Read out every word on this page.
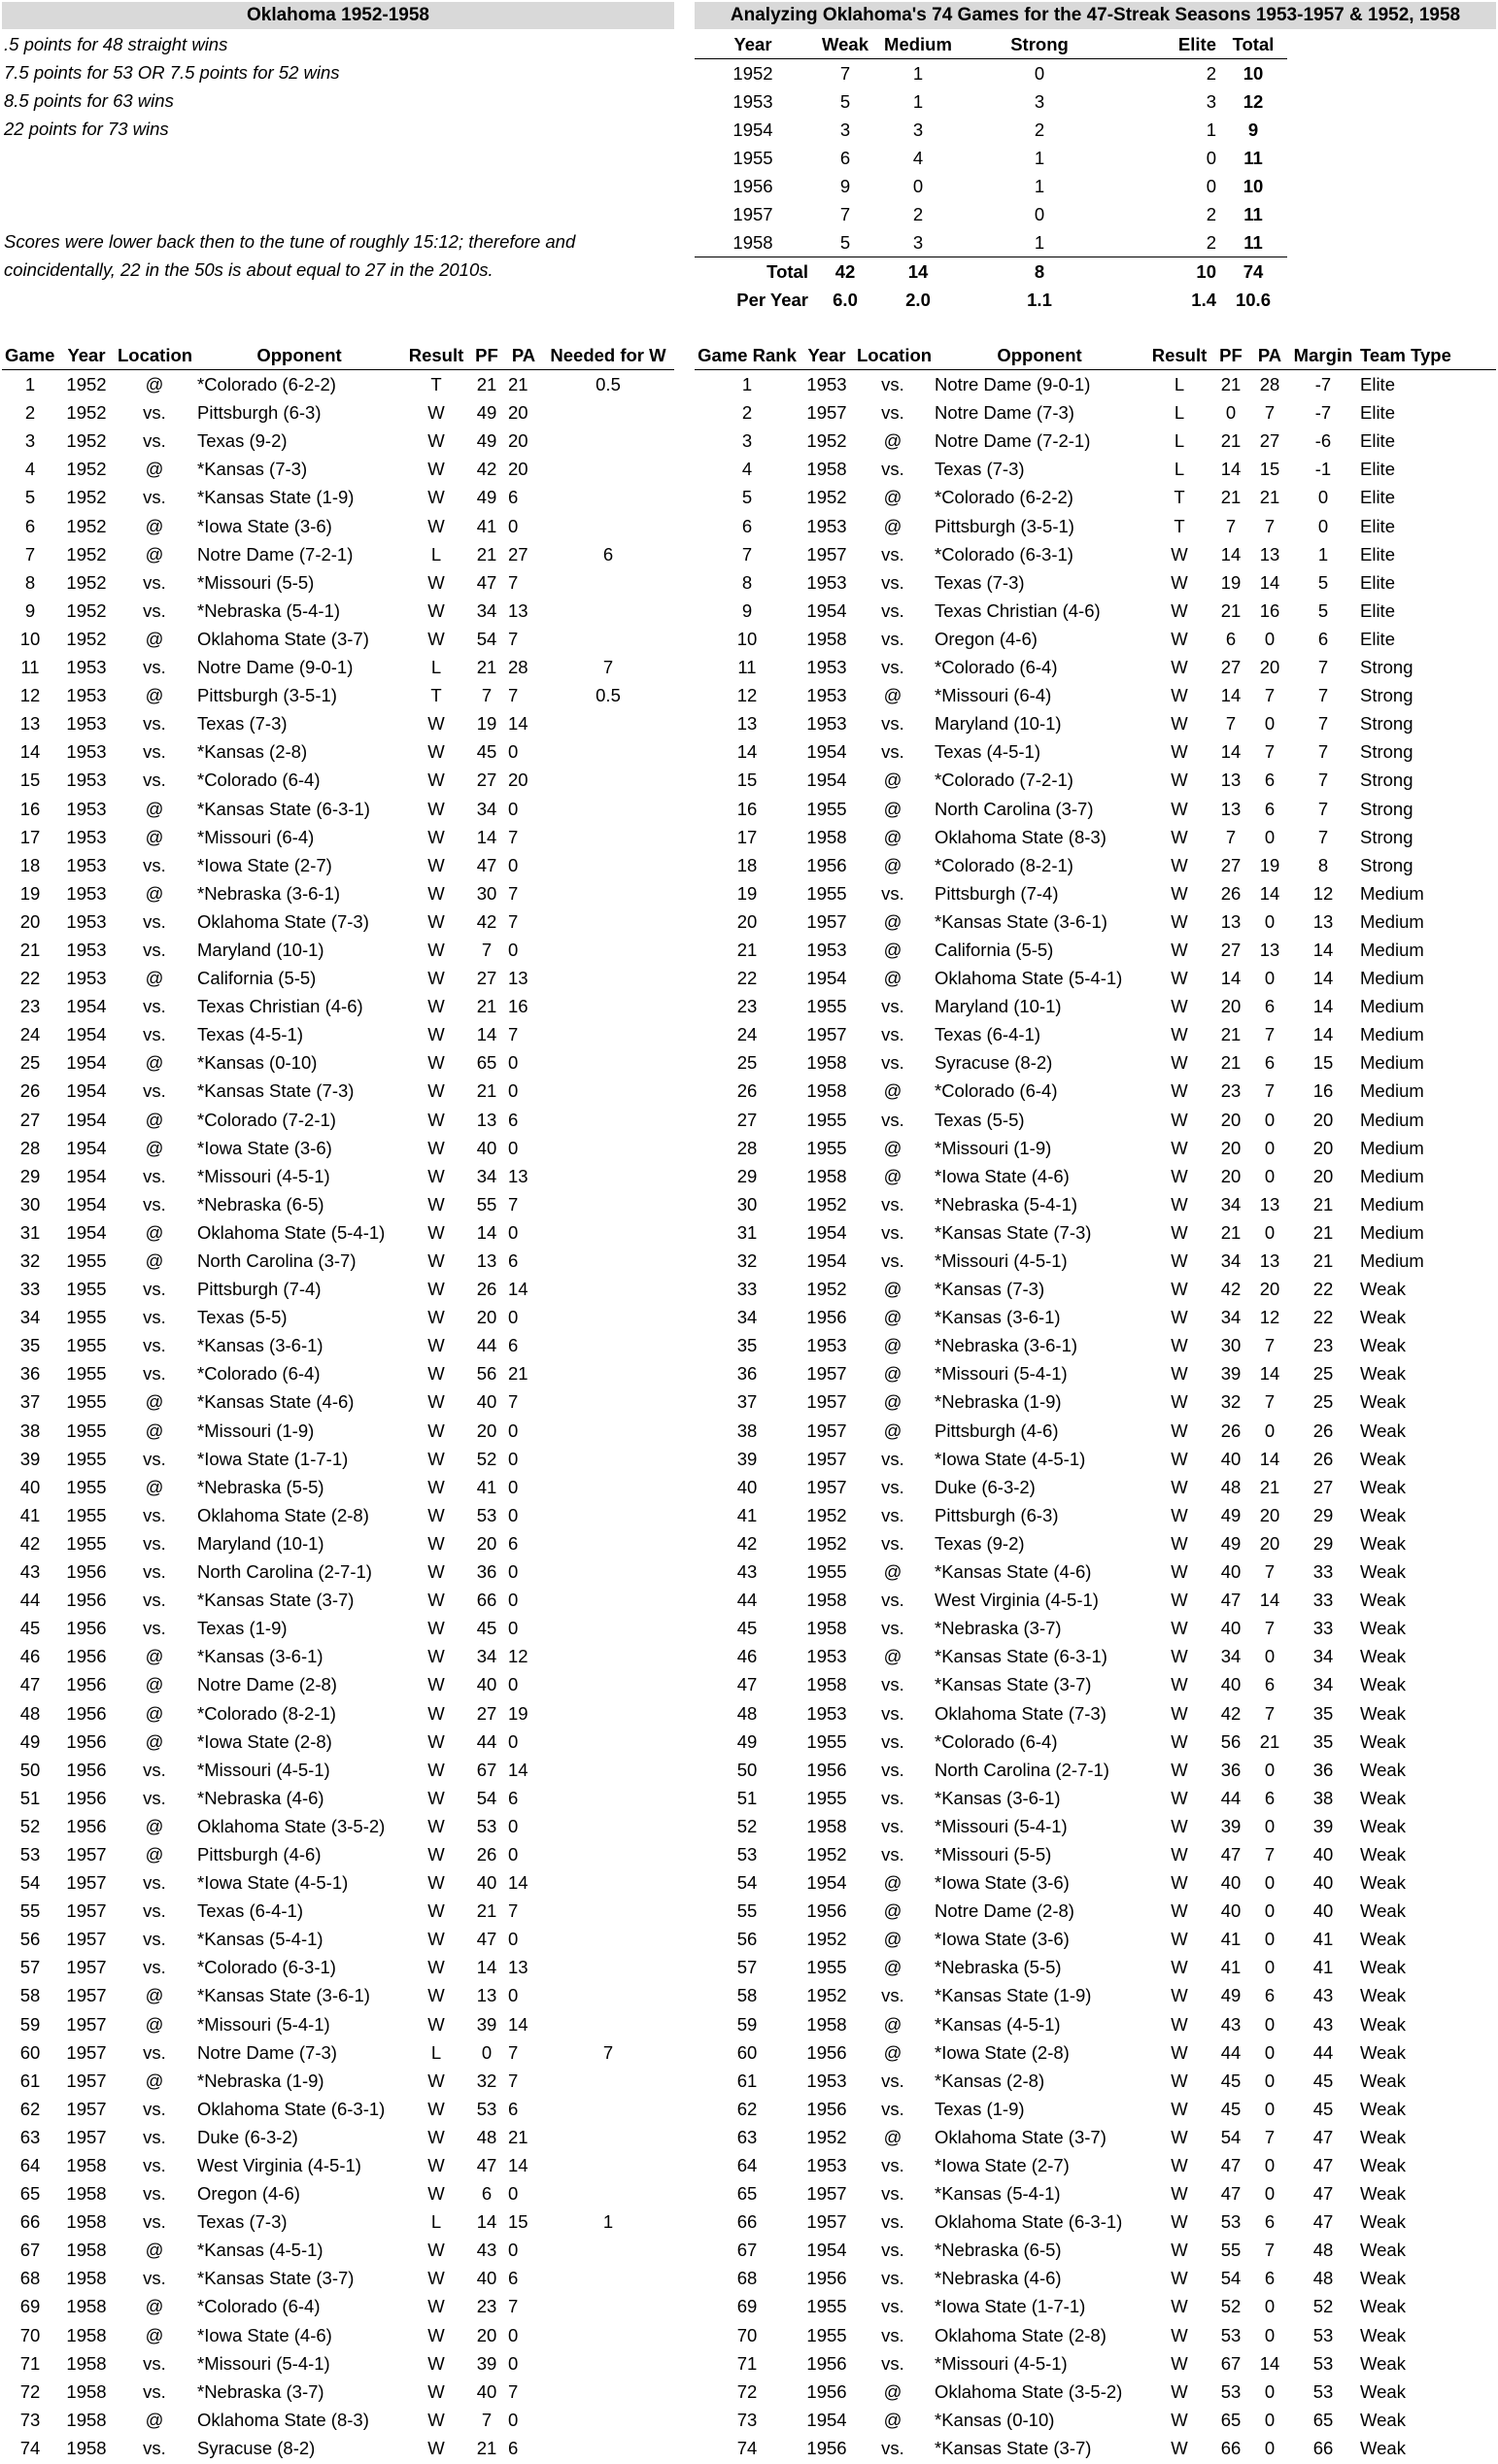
Oklahoma 1952-1958	Analyzing Oklahoma's 74 Games for the 47-Streak Seasons 1953-1957 & 1952, 1958
.5 points for 48 straight wins
7.5 points for 53 OR 7.5 points for 52 wins
8.5 points for 63 wins
22 points for 73 wins
Scores were lower back then to the tune of roughly 15:12; therefore and
coincidentally, 22 in the 50s is about equal to 27 in the 2010s.
Year	Weak	Medium	Strong	Elite	Total
1952	7	1	0	2	10
1953	5	1	3	3	12
1954	3	3	2	1	9
1955	6	4	1	0	11
1956	9	0	1	0	10
1957	7	2	0	2	11
1958	5	3	1	2	11
Total	42	14	8	10	74
Per Year	6.0	2.0	1.1	1.4	10.6
Game	Year	Location	Opponent	Result	PF	PA	Needed for W
1	1952	@	*Colorado (6-2-2)	T	21	21	0.5
2	1952	vs.	Pittsburgh (6-3)	W	49	20	
3	1952	vs.	Texas (9-2)	W	49	20	
4	1952	@	*Kansas (7-3)	W	42	20	
5	1952	vs.	*Kansas State (1-9)	W	49	6	
6	1952	@	*Iowa State (3-6)	W	41	0	
7	1952	@	Notre Dame (7-2-1)	L	21	27	6
8	1952	vs.	*Missouri (5-5)	W	47	7	
9	1952	vs.	*Nebraska (5-4-1)	W	34	13	
10	1952	@	Oklahoma State (3-7)	W	54	7	
11	1953	vs.	Notre Dame (9-0-1)	L	21	28	7
12	1953	@	Pittsburgh (3-5-1)	T	7	7	0.5
13	1953	vs.	Texas (7-3)	W	19	14	
14	1953	vs.	*Kansas (2-8)	W	45	0	
15	1953	vs.	*Colorado (6-4)	W	27	20	
16	1953	@	*Kansas State (6-3-1)	W	34	0	
17	1953	@	*Missouri (6-4)	W	14	7	
18	1953	vs.	*Iowa State (2-7)	W	47	0	
19	1953	@	*Nebraska (3-6-1)	W	30	7	
20	1953	vs.	Oklahoma State (7-3)	W	42	7	
21	1953	vs.	Maryland (10-1)	W	7	0	
22	1953	@	California (5-5)	W	27	13	
23	1954	vs.	Texas Christian (4-6)	W	21	16	
24	1954	vs.	Texas (4-5-1)	W	14	7	
25	1954	@	*Kansas (0-10)	W	65	0	
26	1954	vs.	*Kansas State (7-3)	W	21	0	
27	1954	@	*Colorado (7-2-1)	W	13	6	
28	1954	@	*Iowa State (3-6)	W	40	0	
29	1954	vs.	*Missouri (4-5-1)	W	34	13	
30	1954	vs.	*Nebraska (6-5)	W	55	7	
31	1954	@	Oklahoma State (5-4-1)	W	14	0	
32	1955	@	North Carolina (3-7)	W	13	6	
33	1955	vs.	Pittsburgh (7-4)	W	26	14	
34	1955	vs.	Texas (5-5)	W	20	0	
35	1955	vs.	*Kansas (3-6-1)	W	44	6	
36	1955	vs.	*Colorado (6-4)	W	56	21	
37	1955	@	*Kansas State (4-6)	W	40	7	
38	1955	@	*Missouri (1-9)	W	20	0	
39	1955	vs.	*Iowa State (1-7-1)	W	52	0	
40	1955	@	*Nebraska (5-5)	W	41	0	
41	1955	vs.	Oklahoma State (2-8)	W	53	0	
42	1955	vs.	Maryland (10-1)	W	20	6	
43	1956	vs.	North Carolina (2-7-1)	W	36	0	
44	1956	vs.	*Kansas State (3-7)	W	66	0	
45	1956	vs.	Texas (1-9)	W	45	0	
46	1956	@	*Kansas (3-6-1)	W	34	12	
47	1956	@	Notre Dame (2-8)	W	40	0	
48	1956	@	*Colorado (8-2-1)	W	27	19	
49	1956	@	*Iowa State (2-8)	W	44	0	
50	1956	vs.	*Missouri (4-5-1)	W	67	14	
51	1956	vs.	*Nebraska (4-6)	W	54	6	
52	1956	@	Oklahoma State (3-5-2)	W	53	0	
53	1957	@	Pittsburgh (4-6)	W	26	0	
54	1957	vs.	*Iowa State (4-5-1)	W	40	14	
55	1957	vs.	Texas (6-4-1)	W	21	7	
56	1957	vs.	*Kansas (5-4-1)	W	47	0	
57	1957	vs.	*Colorado (6-3-1)	W	14	13	
58	1957	@	*Kansas State (3-6-1)	W	13	0	
59	1957	@	*Missouri (5-4-1)	W	39	14	
60	1957	vs.	Notre Dame (7-3)	L	0	7	7
61	1957	@	*Nebraska (1-9)	W	32	7	
62	1957	vs.	Oklahoma State (6-3-1)	W	53	6	
63	1957	vs.	Duke (6-3-2)	W	48	21	
64	1958	vs.	West Virginia (4-5-1)	W	47	14	
65	1958	vs.	Oregon (4-6)	W	6	0	
66	1958	vs.	Texas (7-3)	L	14	15	1
67	1958	@	*Kansas (4-5-1)	W	43	0	
68	1958	vs.	*Kansas State (3-7)	W	40	6	
69	1958	@	*Colorado (6-4)	W	23	7	
70	1958	@	*Iowa State (4-6)	W	20	0	
71	1958	vs.	*Missouri (5-4-1)	W	39	0	
72	1958	vs.	*Nebraska (3-7)	W	40	7	
73	1958	@	Oklahoma State (8-3)	W	7	0	
74	1958	vs.	Syracuse (8-2)	W	21	6	
Game Rank	Year	Location	Opponent	Result	PF	PA	Margin	Team Type
1	1953	vs.	Notre Dame (9-0-1)	L	21	28	-7	Elite
2	1957	vs.	Notre Dame (7-3)	L	0	7	-7	Elite
3	1952	@	Notre Dame (7-2-1)	L	21	27	-6	Elite
4	1958	vs.	Texas (7-3)	L	14	15	-1	Elite
5	1952	@	*Colorado (6-2-2)	T	21	21	0	Elite
6	1953	@	Pittsburgh (3-5-1)	T	7	7	0	Elite
7	1957	vs.	*Colorado (6-3-1)	W	14	13	1	Elite
8	1953	vs.	Texas (7-3)	W	19	14	5	Elite
9	1954	vs.	Texas Christian (4-6)	W	21	16	5	Elite
10	1958	vs.	Oregon (4-6)	W	6	0	6	Elite
11	1953	vs.	*Colorado (6-4)	W	27	20	7	Strong
12	1953	@	*Missouri (6-4)	W	14	7	7	Strong
13	1953	vs.	Maryland (10-1)	W	7	0	7	Strong
14	1954	vs.	Texas (4-5-1)	W	14	7	7	Strong
15	1954	@	*Colorado (7-2-1)	W	13	6	7	Strong
16	1955	@	North Carolina (3-7)	W	13	6	7	Strong
17	1958	@	Oklahoma State (8-3)	W	7	0	7	Strong
18	1956	@	*Colorado (8-2-1)	W	27	19	8	Strong
19	1955	vs.	Pittsburgh (7-4)	W	26	14	12	Medium
20	1957	@	*Kansas State (3-6-1)	W	13	0	13	Medium
21	1953	@	California (5-5)	W	27	13	14	Medium
22	1954	@	Oklahoma State (5-4-1)	W	14	0	14	Medium
23	1955	vs.	Maryland (10-1)	W	20	6	14	Medium
24	1957	vs.	Texas (6-4-1)	W	21	7	14	Medium
25	1958	vs.	Syracuse (8-2)	W	21	6	15	Medium
26	1958	@	*Colorado (6-4)	W	23	7	16	Medium
27	1955	vs.	Texas (5-5)	W	20	0	20	Medium
28	1955	@	*Missouri (1-9)	W	20	0	20	Medium
29	1958	@	*Iowa State (4-6)	W	20	0	20	Medium
30	1952	vs.	*Nebraska (5-4-1)	W	34	13	21	Medium
31	1954	vs.	*Kansas State (7-3)	W	21	0	21	Medium
32	1954	vs.	*Missouri (4-5-1)	W	34	13	21	Medium
33	1952	@	*Kansas (7-3)	W	42	20	22	Weak
34	1956	@	*Kansas (3-6-1)	W	34	12	22	Weak
35	1953	@	*Nebraska (3-6-1)	W	30	7	23	Weak
36	1957	@	*Missouri (5-4-1)	W	39	14	25	Weak
37	1957	@	*Nebraska (1-9)	W	32	7	25	Weak
38	1957	@	Pittsburgh (4-6)	W	26	0	26	Weak
39	1957	vs.	*Iowa State (4-5-1)	W	40	14	26	Weak
40	1957	vs.	Duke (6-3-2)	W	48	21	27	Weak
41	1952	vs.	Pittsburgh (6-3)	W	49	20	29	Weak
42	1952	vs.	Texas (9-2)	W	49	20	29	Weak
43	1955	@	*Kansas State (4-6)	W	40	7	33	Weak
44	1958	vs.	West Virginia (4-5-1)	W	47	14	33	Weak
45	1958	vs.	*Nebraska (3-7)	W	40	7	33	Weak
46	1953	@	*Kansas State (6-3-1)	W	34	0	34	Weak
47	1958	vs.	*Kansas State (3-7)	W	40	6	34	Weak
48	1953	vs.	Oklahoma State (7-3)	W	42	7	35	Weak
49	1955	vs.	*Colorado (6-4)	W	56	21	35	Weak
50	1956	vs.	North Carolina (2-7-1)	W	36	0	36	Weak
51	1955	vs.	*Kansas (3-6-1)	W	44	6	38	Weak
52	1958	vs.	*Missouri (5-4-1)	W	39	0	39	Weak
53	1952	vs.	*Missouri (5-5)	W	47	7	40	Weak
54	1954	@	*Iowa State (3-6)	W	40	0	40	Weak
55	1956	@	Notre Dame (2-8)	W	40	0	40	Weak
56	1952	@	*Iowa State (3-6)	W	41	0	41	Weak
57	1955	@	*Nebraska (5-5)	W	41	0	41	Weak
58	1952	vs.	*Kansas State (1-9)	W	49	6	43	Weak
59	1958	@	*Kansas (4-5-1)	W	43	0	43	Weak
60	1956	@	*Iowa State (2-8)	W	44	0	44	Weak
61	1953	vs.	*Kansas (2-8)	W	45	0	45	Weak
62	1956	vs.	Texas (1-9)	W	45	0	45	Weak
63	1952	@	Oklahoma State (3-7)	W	54	7	47	Weak
64	1953	vs.	*Iowa State (2-7)	W	47	0	47	Weak
65	1957	vs.	*Kansas (5-4-1)	W	47	0	47	Weak
66	1957	vs.	Oklahoma State (6-3-1)	W	53	6	47	Weak
67	1954	vs.	*Nebraska (6-5)	W	55	7	48	Weak
68	1956	vs.	*Nebraska (4-6)	W	54	6	48	Weak
69	1955	vs.	*Iowa State (1-7-1)	W	52	0	52	Weak
70	1955	vs.	Oklahoma State (2-8)	W	53	0	53	Weak
71	1956	vs.	*Missouri (4-5-1)	W	67	14	53	Weak
72	1956	@	Oklahoma State (3-5-2)	W	53	0	53	Weak
73	1954	@	*Kansas (0-10)	W	65	0	65	Weak
74	1956	vs.	*Kansas State (3-7)	W	66	0	66	Weak
